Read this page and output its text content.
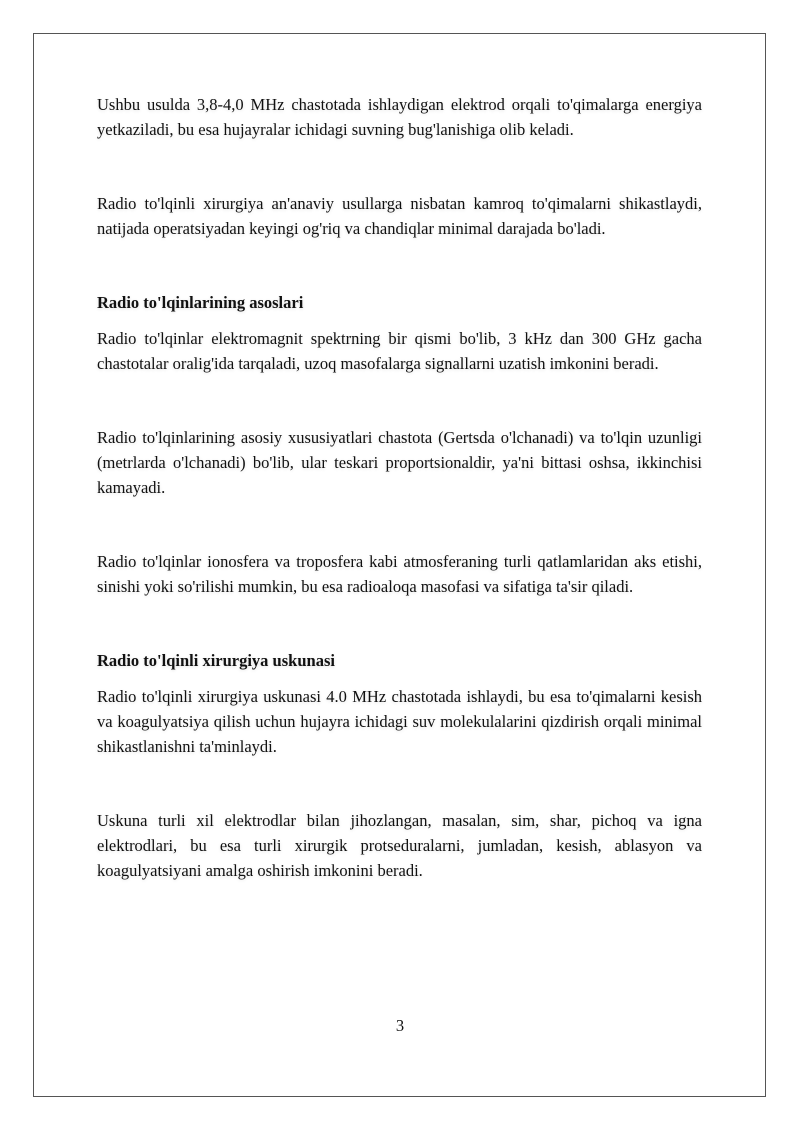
Ushbu usulda 3,8-4,0 MHz chastotada ishlaydigan elektrod orqali to'qimalarga energiya yetkaziladi, bu esa hujayralar ichidagi suvning bug'lanishiga olib keladi.

Radio to'lqinli xirurgiya an'anaviy usullarga nisbatan kamroq to'qimalarni shikastlaydi, natijada operatsiyadan keyingi og'riq va chandiqlar minimal darajada bo'ladi.

Radio to'lqinlarining asoslari

Radio to'lqinlar elektromagnit spektrning bir qismi bo'lib, 3 kHz dan 300 GHz gacha chastotalar oralig'ida tarqaladi, uzoq masofalarga signallarni uzatish imkonini beradi.

Radio to'lqinlarining asosiy xususiyatlari chastota (Gertsda o'lchanadi) va to'lqin uzunligi (metrlarda o'lchanadi) bo'lib, ular teskari proportsionaldir, ya'ni bittasi oshsa, ikkinchisi kamayadi.

Radio to'lqinlar ionosfera va troposfera kabi atmosferaning turli qatlamlaridan aks etishi, sinishi yoki so'rilishi mumkin, bu esa radioaloqa masofasi va sifatiga ta'sir qiladi.

Radio to'lqinli xirurgiya uskunasi

Radio to'lqinli xirurgiya uskunasi 4.0 MHz chastotada ishlaydi, bu esa to'qimalarni kesish va koagulyatsiya qilish uchun hujayra ichidagi suv molekulalarini qizdirish orqali minimal shikastlanishni ta'minlaydi.

Uskuna turli xil elektrodlar bilan jihozlangan, masalan, sim, shar, pichoq va igna elektrodlari, bu esa turli xirurgik protseduralarni, jumladan, kesish, ablasyon va koagulyatsiyani amalga oshirish imkonini beradi.

3
